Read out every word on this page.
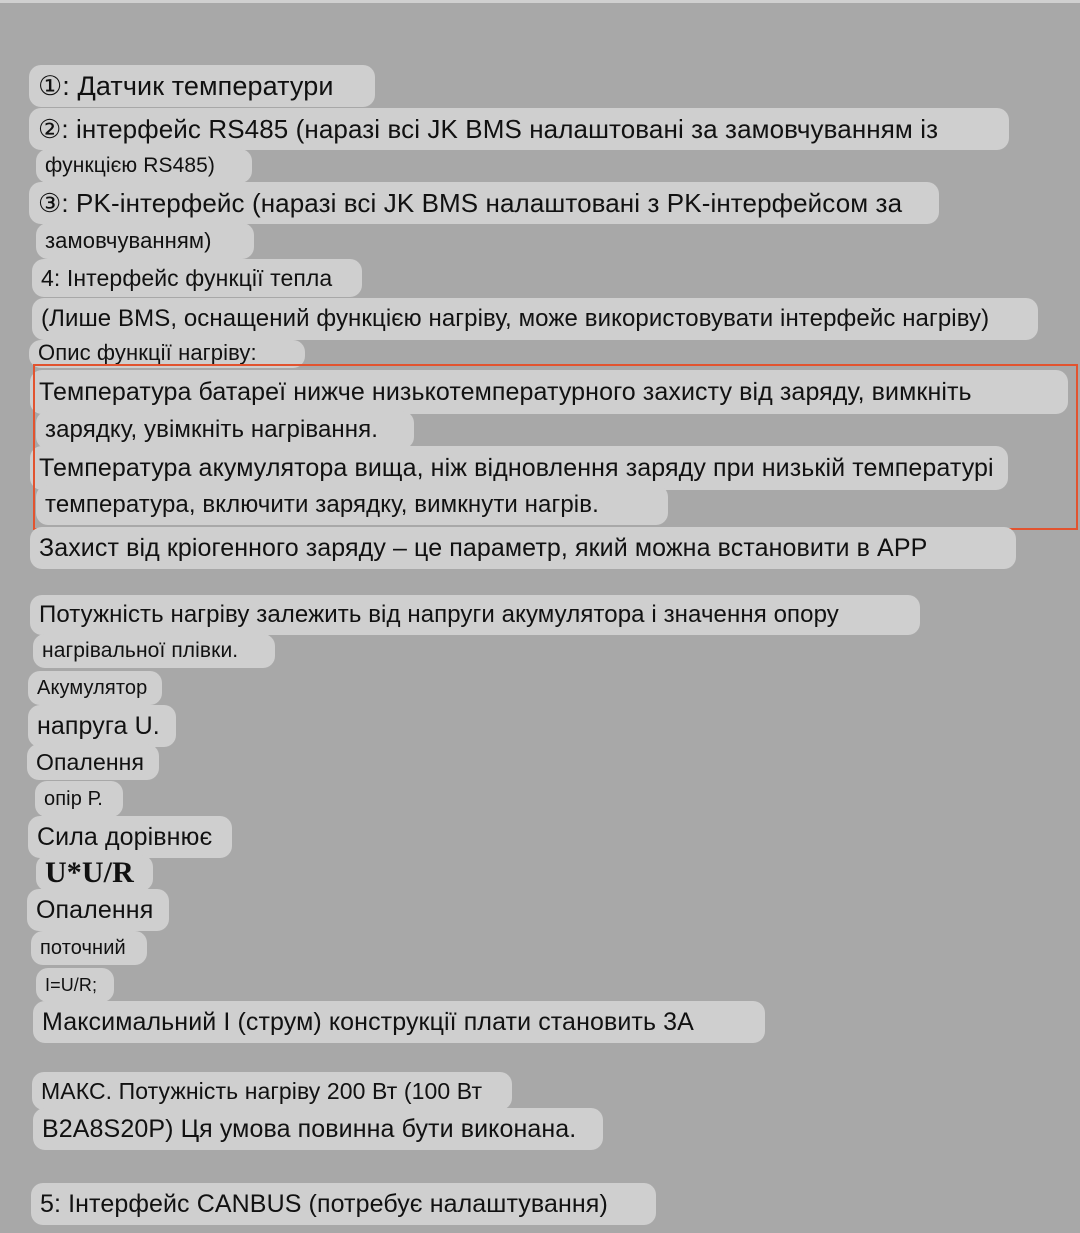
①: Датчик температури
②: інтерфейс RS485 (наразі всі JK BMS налаштовані за замовчуванням із
функцією RS485)
③: PK-інтерфейс (наразі всі JK BMS налаштовані з PK-інтерфейсом за
замовчуванням)
4: Інтерфейс функції тепла
(Лише BMS, оснащений функцією нагріву, може використовувати інтерфейс нагріву)
Опис функції нагріву:
Температура батареї нижче низькотемпературного захисту від заряду, вимкніть
зарядку, увімкніть нагрівання.
Температура акумулятора вища, ніж відновлення заряду при низькій температурі
температура, включити зарядку, вимкнути нагрів.
Захист від кріогенного заряду – це параметр, який можна встановити в APP
Потужність нагріву залежить від напруги акумулятора і значення опору
нагрівальної плівки.
Акумулятор
напруга U.
Опалення
опір Р.
Сила дорівнює
U*U/R
Опалення
поточний
I=U/R;
Максимальний I (струм) конструкції плати становить 3А
МАКС. Потужність нагріву 200 Вт (100 Вт
B2A8S20P) Ця умова повинна бути виконана.
5: Інтерфейс CANBUS (потребує налаштування)
